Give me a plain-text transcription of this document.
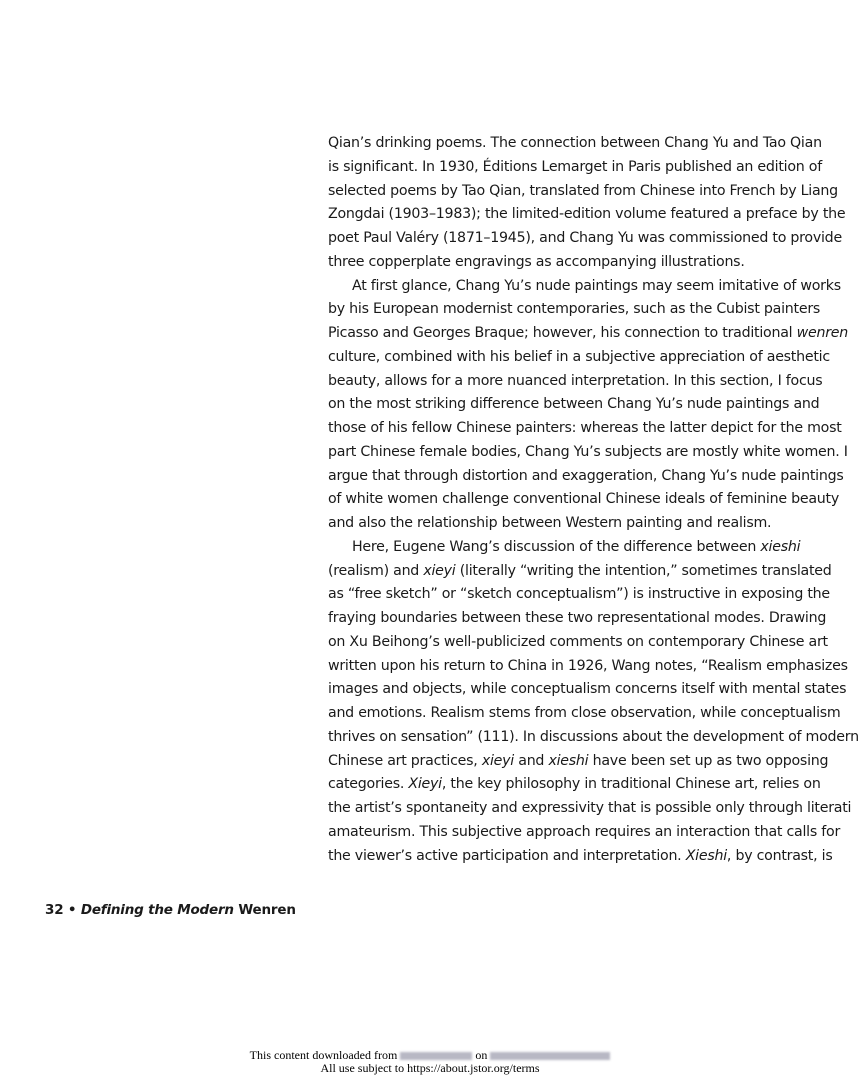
Qian’s drinking poems. The connection between Chang Yu and Tao Qian
is significant. In 1930, Éditions Lemarget in Paris published an edition of
selected poems by Tao Qian, translated from Chinese into French by Liang
Zongdai (1903–1983); the limited-edition volume featured a preface by the
poet Paul Valéry (1871–1945), and Chang Yu was commissioned to provide
three copperplate engravings as accompanying illustrations.
At first glance, Chang Yu’s nude paintings may seem imitative of works
by his European modernist contemporaries, such as the Cubist painters
Picasso and Georges Braque; however, his connection to traditional wenren
culture, combined with his belief in a subjective appreciation of aesthetic
beauty, allows for a more nuanced interpretation. In this section, I focus
on the most striking difference between Chang Yu’s nude paintings and
those of his fellow Chinese painters: whereas the latter depict for the most
part Chinese female bodies, Chang Yu’s subjects are mostly white women. I
argue that through distortion and exaggeration, Chang Yu’s nude paintings
of white women challenge conventional Chinese ideals of feminine beauty
and also the relationship between Western painting and realism.
Here, Eugene Wang’s discussion of the difference between xieshi
(realism) and xieyi (literally “writing the intention,” sometimes translated
as “free sketch” or “sketch conceptualism”) is instructive in exposing the
fraying boundaries between these two representational modes. Drawing
on Xu Beihong’s well-publicized comments on contemporary Chinese art
written upon his return to China in 1926, Wang notes, “Realism emphasizes
images and objects, while conceptualism concerns itself with mental states
and emotions. Realism stems from close observation, while conceptualism
thrives on sensation” (111). In discussions about the development of modern
Chinese art practices, xieyi and xieshi have been set up as two opposing
categories. Xieyi, the key philosophy in traditional Chinese art, relies on
the artist’s spontaneity and expressivity that is possible only through literati
amateurism. This subjective approach requires an interaction that calls for
the viewer’s active participation and interpretation. Xieshi, by contrast, is
32 • Defining the Modern Wenren
This content downloaded from	on
All use subject to https://about.jstor.org/terms
